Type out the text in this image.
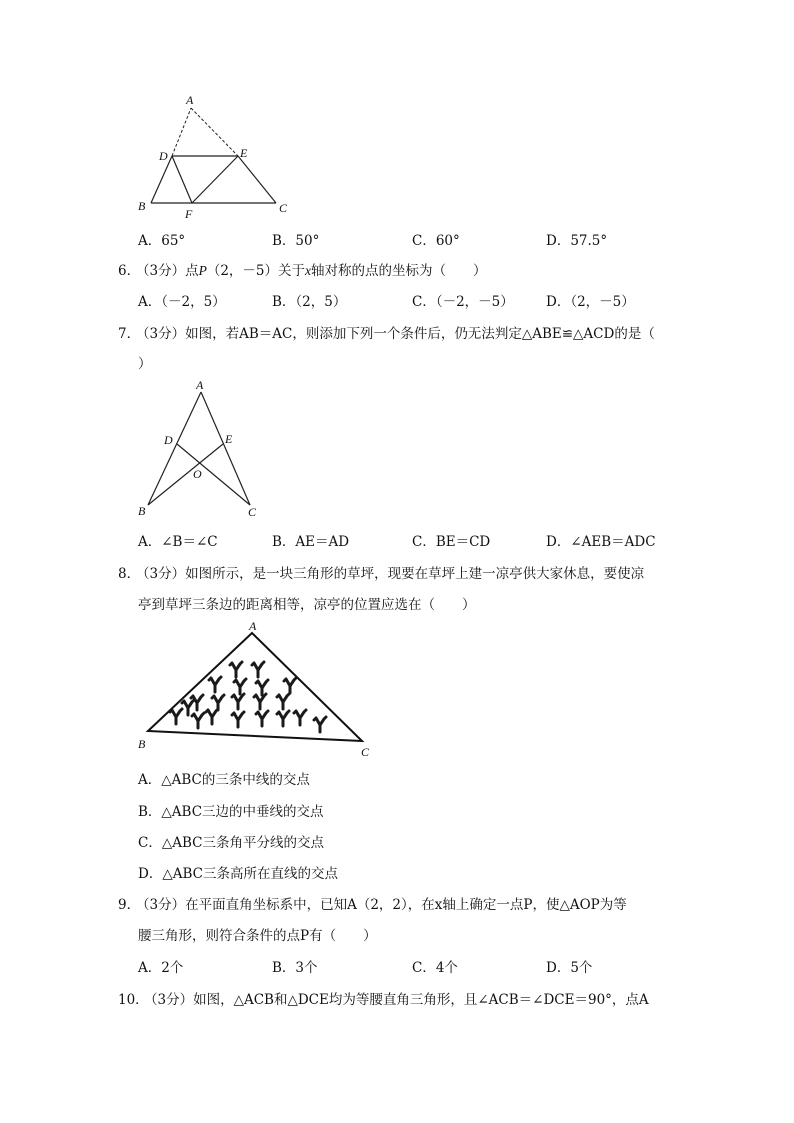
A
D	E
B
F	C
A．65°	B．50°	C．60°	D．57.5°
6．
（3分）点P（2，－5）关于x轴对称的点的坐标为（　　）
A．（－2，5）	B．（2，5）	C．（－2，－5） D．（2，－5）
7．
（3分）如图，若AB＝AC，则添加下列一个条件后，仍无法判定△ABE≌△ACD的是（
）
A
D	E
O
B	C
A．∠B＝∠C	B．AE＝AD	C．BE＝CD	D．∠AEB＝ADC
8．
（3分）如图所示，是一块三角形的草坪，现要在草坪上建一凉亭供大家休息，要使凉
亭到草坪三条边的距离相等，凉亭的位置应选在（　　）
A
B
C
A．△ABC的三条中线的交点
B．△ABC三边的中垂线的交点
C．△ABC三条角平分线的交点
D．△ABC三条高所在直线的交点
9．
（3分）在平面直角坐标系中，已知A（2，2），在x轴上确定一点P，使△AOP为等
腰三角形，则符合条件的点P有（　　）
A．2个	B．3个	C．4个	D．5个
10．
（3分）如图，△ACB和△DCE均为等腰直角三角形，且∠ACB＝∠DCE＝90°，点A
